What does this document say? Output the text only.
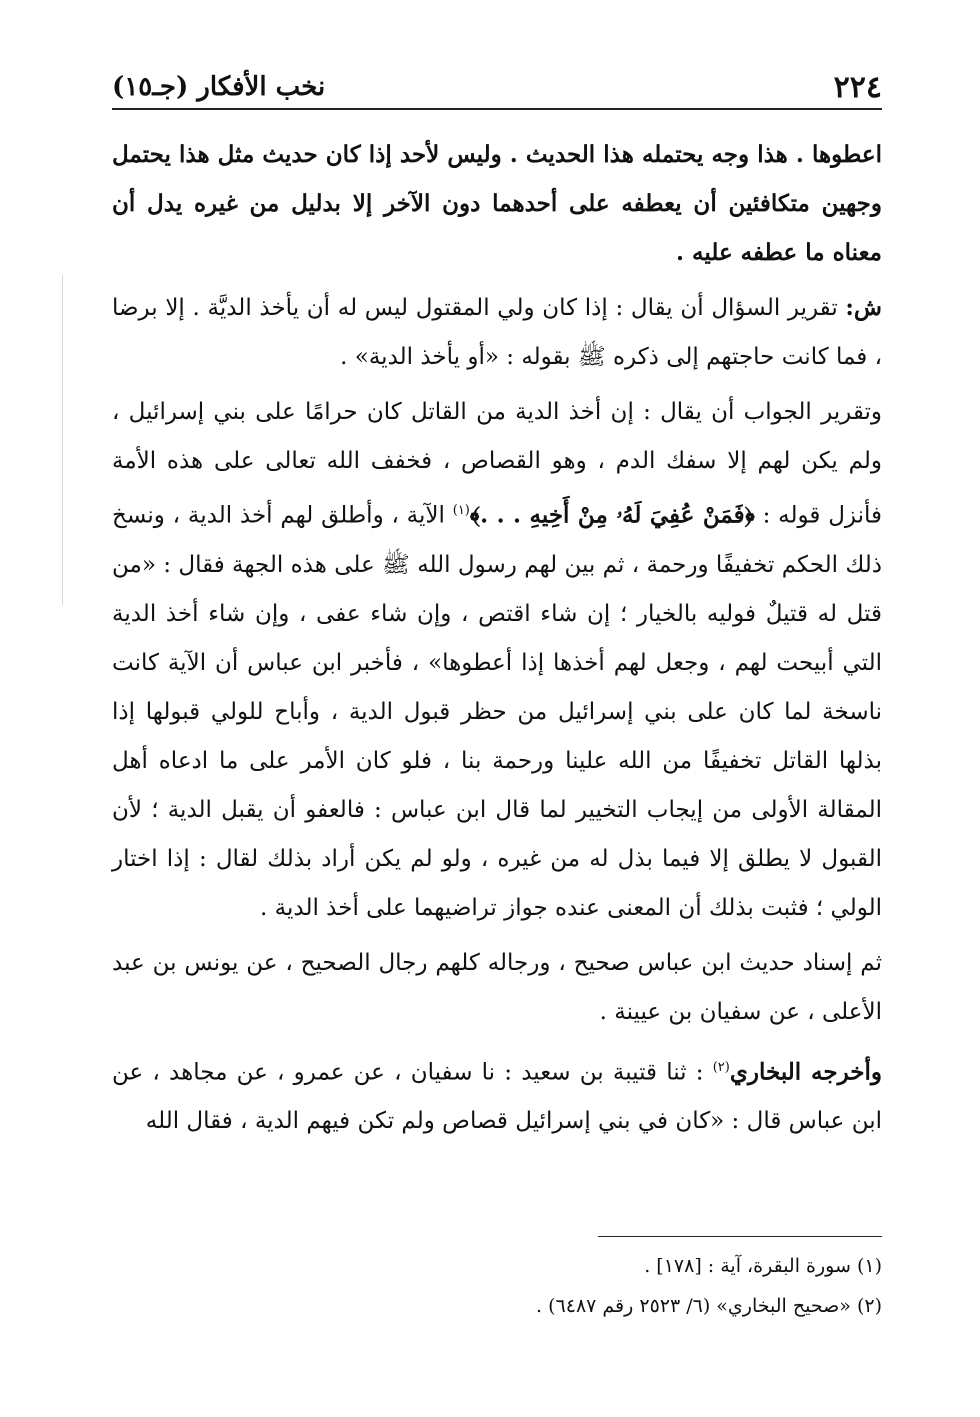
٢٢٤
نخب الأفكار (جـ١٥)

اعطوها . هذا وجه يحتمله هذا الحديث . وليس لأحد إذا كان حديث مثل هذا يحتمل وجهين متكافئين أن يعطفه على أحدهما دون الآخر إلا بدليل من غيره يدل أن معناه ما عطفه عليه .

ش: تقرير السؤال أن يقال : إذا كان ولي المقتول ليس له أن يأخذ الديَّة . إلا برضا ، فما كانت حاجتهم إلى ذكره ﷺ بقوله : «أو يأخذ الدية» .

وتقرير الجواب أن يقال : إن أخذ الدية من القاتل كان حرامًا على بني إسرائيل ، ولم يكن لهم إلا سفك الدم ، وهو القصاص ، فخفف الله تعالى على هذه الأمة فأنزل قوله : ﴿فَمَنْ عُفِيَ لَهُۥ مِنْ أَخِيهِ . . .﴾$^{(١)}$ الآية ، وأطلق لهم أخذ الدية ، ونسخ ذلك الحكم تخفيفًا ورحمة ، ثم بين لهم رسول الله ﷺ على هذه الجهة فقال : «من قتل له قتيلٌ فوليه بالخيار ؛ إن شاء اقتص ، وإن شاء عفى ، وإن شاء أخذ الدية التي أبيحت لهم ، وجعل لهم أخذها إذا أعطوها» ، فأخبر ابن عباس أن الآية كانت ناسخة لما كان على بني إسرائيل من حظر قبول الدية ، وأباح للولي قبولها إذا بذلها القاتل تخفيفًا من الله علينا ورحمة بنا ، فلو كان الأمر على ما ادعاه أهل المقالة الأولى من إيجاب التخيير لما قال ابن عباس : فالعفو أن يقبل الدية ؛ لأن القبول لا يطلق إلا فيما بذل له من غيره ، ولو لم يكن أراد بذلك لقال : إذا اختار الولي ؛ فثبت بذلك أن المعنى عنده جواز تراضيهما على أخذ الدية .

ثم إسناد حديث ابن عباس صحيح ، ورجاله كلهم رجال الصحيح ، عن يونس بن عبد الأعلى ، عن سفيان بن عيينة .

وأخرجه البخاري$^{(٢)}$ : ثنا قتيبة بن سعيد : نا سفيان ، عن عمرو ، عن مجاهد ، عن ابن عباس قال : «كان في بني إسرائيل قصاص ولم تكن فيهم الدية ، فقال الله

(١) سورة البقرة، آية : [١٧٨] .
(٢) «صحيح البخاري» (٦/ ٢٥٢٣ رقم ٦٤٨٧) .
